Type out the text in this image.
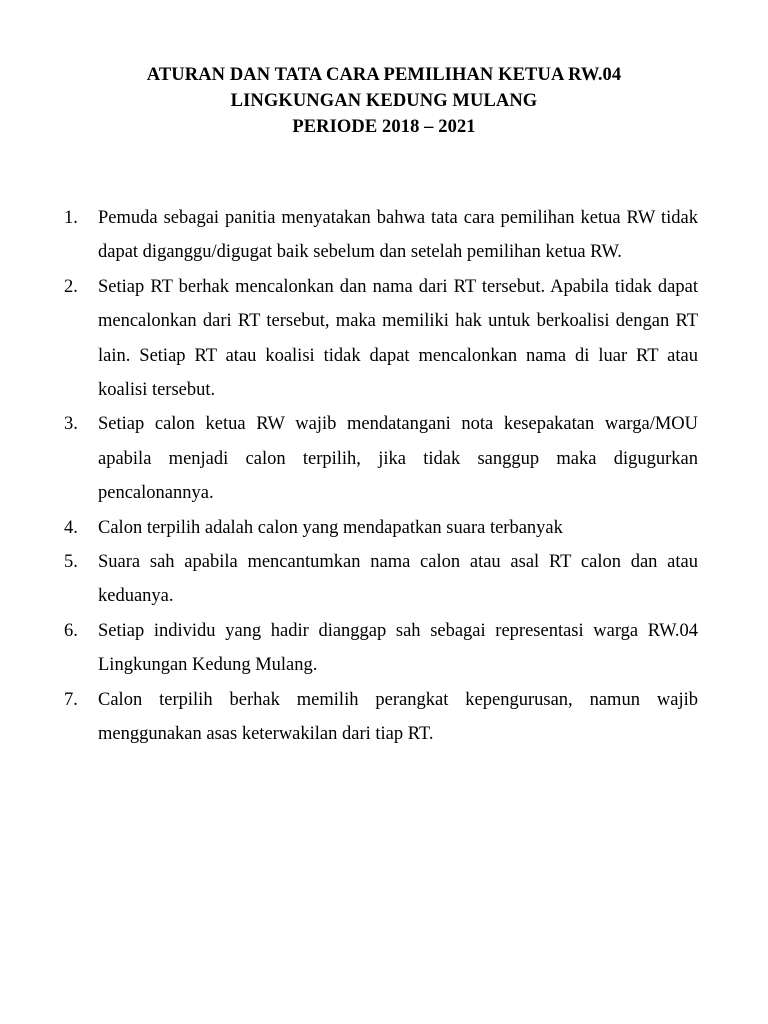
ATURAN DAN TATA CARA PEMILIHAN KETUA RW.04
LINGKUNGAN KEDUNG MULANG
PERIODE 2018 – 2021
1.	Pemuda sebagai panitia menyatakan bahwa tata cara pemilihan ketua RW tidak dapat diganggu/digugat baik sebelum dan setelah pemilihan ketua RW.
2.	Setiap RT berhak mencalonkan dan nama dari RT tersebut. Apabila tidak dapat mencalonkan dari RT tersebut, maka memiliki hak untuk berkoalisi dengan RT lain. Setiap RT atau koalisi tidak dapat mencalonkan nama di luar RT atau koalisi tersebut.
3.	Setiap calon ketua RW wajib mendatangani nota kesepakatan warga/MOU apabila menjadi calon terpilih, jika tidak sanggup maka digugurkan pencalonannya.
4.	Calon terpilih adalah calon yang mendapatkan suara terbanyak
5.	Suara sah apabila mencantumkan nama calon atau asal RT calon dan atau keduanya.
6.	Setiap individu yang hadir dianggap sah sebagai representasi warga RW.04 Lingkungan Kedung Mulang.
7.	Calon terpilih berhak memilih perangkat kepengurusan, namun wajib menggunakan asas keterwakilan dari tiap RT.
